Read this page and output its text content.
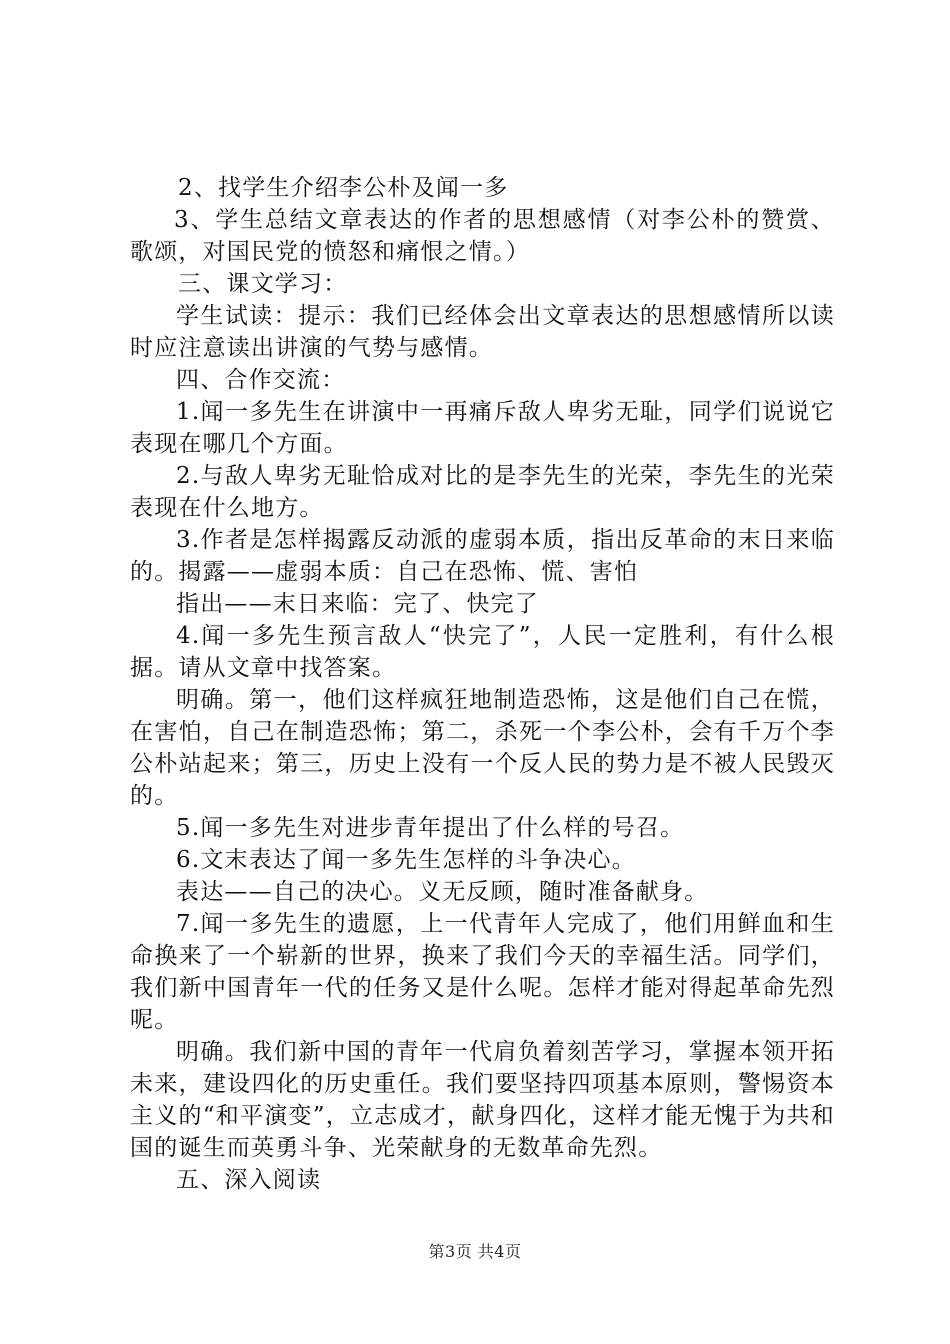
2、找学生介绍李公朴及闻一多

3、学生总结文章表达的作者的思想感情（对李公朴的赞赏、歌颂，对国民党的愤怒和痛恨之情。）

三、课文学习：

学生试读：提示：我们已经体会出文章表达的思想感情所以读时应注意读出讲演的气势与感情。

四、合作交流：

1.闻一多先生在讲演中一再痛斥敌人卑劣无耻，同学们说说它表现在哪几个方面。

2.与敌人卑劣无耻恰成对比的是李先生的光荣，李先生的光荣表现在什么地方。

3.作者是怎样揭露反动派的虚弱本质，指出反革命的末日来临的。揭露——虚弱本质：自己在恐怖、慌、害怕

指出——末日来临：完了、快完了

4.闻一多先生预言敌人“快完了”，人民一定胜利，有什么根据。请从文章中找答案。

明确。第一，他们这样疯狂地制造恐怖，这是他们自己在慌，在害怕，自己在制造恐怖；第二，杀死一个李公朴，会有千万个李公朴站起来；第三，历史上没有一个反人民的势力是不被人民毁灭的。

5.闻一多先生对进步青年提出了什么样的号召。

6.文末表达了闻一多先生怎样的斗争决心。

表达——自己的决心。义无反顾，随时准备献身。

7.闻一多先生的遗愿，上一代青年人完成了，他们用鲜血和生命换来了一个崭新的世界，换来了我们今天的幸福生活。同学们，我们新中国青年一代的任务又是什么呢。怎样才能对得起革命先烈呢。

明确。我们新中国的青年一代肩负着刻苦学习，掌握本领开拓未来，建设四化的历史重任。我们要坚持四项基本原则，警惕资本主义的“和平演变”，立志成才，献身四化，这样才能无愧于为共和国的诞生而英勇斗争、光荣献身的无数革命先烈。

五、深入阅读

第3页 共4页
